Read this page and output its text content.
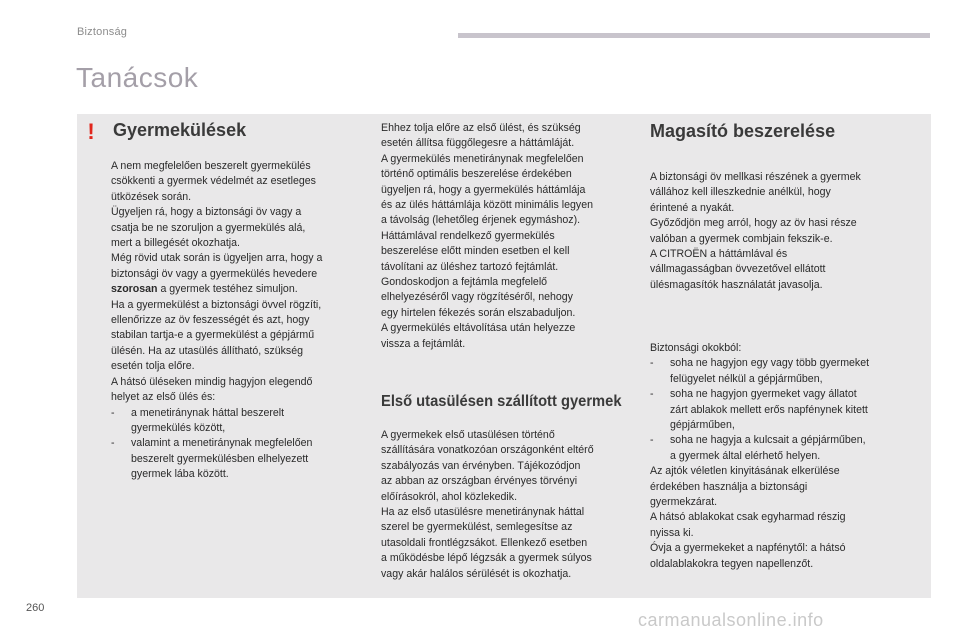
Biztonság
Tanácsok
! Gyermekülések

A nem megfelelően beszerelt gyermekülés

csökkenti a gyermek védelmét az esetleges

ütközések során.

Ügyeljen rá, hogy a biztonsági öv vagy a

csatja be ne szoruljon a gyermekülés alá,

mert a billegését okozhatja.

Még rövid utak során is ügyeljen arra, hogy a

biztonsági öv vagy a gyermekülés hevedere

szorosan a gyermek testéhez simuljon.

Ha a gyermekülést a biztonsági övvel rögzíti,

ellenőrizze az öv feszességét és azt, hogy

stabilan tartja-e a gyermekülést a gépjármű

ülésén. Ha az utasülés állítható, szükség

esetén tolja előre.

A hátsó üléseken mindig hagyjon elegendő

helyet az első ülés és:

- a menetiránynak háttal beszerelt

gyermekülés között,

- valamint a menetiránynak megfelelően

beszerelt gyermekülésben elhelyezett

gyermek lába között.

Ehhez tolja előre az első ülést, és szükség

esetén állítsa függőlegesre a háttámláját.

A gyermekülés menetiránynak megfelelően

történő optimális beszerelése érdekében

ügyeljen rá, hogy a gyermekülés háttámlája

és az ülés háttámlája között minimális legyen

a távolság (lehetőleg érjenek egymáshoz).

Háttámlával rendelkező gyermekülés

beszerelése előtt minden esetben el kell

távolítani az üléshez tartozó fejtámlát.

Gondoskodjon a fejtámla megfelelő

elhelyezéséről vagy rögzítéséről, nehogy

egy hirtelen fékezés során elszabaduljon.

A gyermekülés eltávolítása után helyezze

vissza a fejtámlát.

Első utasülésen szállított gyermek

A gyermekek első utasülésen történő

szállítására vonatkozóan országonként eltérő

szabályozás van érvényben. Tájékozódjon

az abban az országban érvényes törvényi

előírásokról, ahol közlekedik.

Ha az első utasülésre menetiránynak háttal

szerel be gyermekülést, semlegesítse az

utasoldali frontlégzsákot. Ellenkező esetben

a működésbe lépő légzsák a gyermek súlyos

vagy akár halálos sérülését is okozhatja.

Magasító beszerelése

A biztonsági öv mellkasi részének a gyermek

vállához kell illeszkednie anélkül, hogy

érintené a nyakát.

Győződjön meg arról, hogy az öv hasi része

valóban a gyermek combjain fekszik-e.

A CITROËN a háttámlával és

vállmagasságban övvezetővel ellátott

ülésmagasítók használatát javasolja.

Biztonsági okokból:

- soha ne hagyjon egy vagy több gyermeket

felügyelet nélkül a gépjárműben,

- soha ne hagyjon gyermeket vagy állatot

zárt ablakok mellett erős napfénynek kitett

gépjárműben,

- soha ne hagyja a kulcsait a gépjárműben,

a gyermek által elérhető helyen.

Az ajtók véletlen kinyitásának elkerülése

érdekében használja a biztonsági

gyermekzárat.

A hátsó ablakokat csak egyharmad részig

nyissa ki.

Óvja a gyermekeket a napfénytől: a hátsó

oldalablakokra tegyen napellenzőt.

260
carmanualsonline.info
